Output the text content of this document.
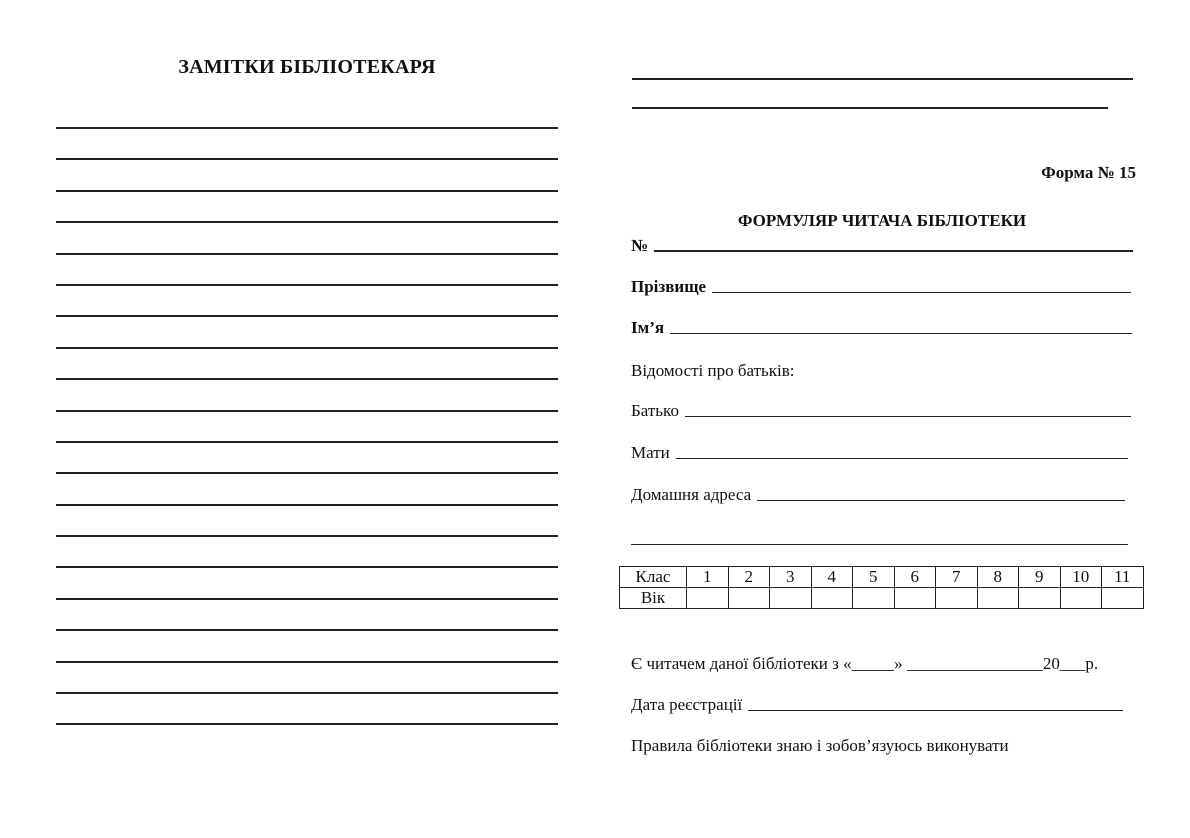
ЗАМІТКИ БІБЛІОТЕКАРЯ
Форма № 15
ФОРМУЛЯР ЧИТАЧА БІБЛІОТЕКИ
№
Прізвище
Ім’я
Відомості про батьків:
Батько
Мати
Домашня адреса
Клас	1	2	3	4	5	6	7	8	9	10	11
Вік											
Є читачем даної бібліотеки з «_____» ________________20___р.
Дата реєстрації
Правила бібліотеки знаю і зобов’язуюсь виконувати
